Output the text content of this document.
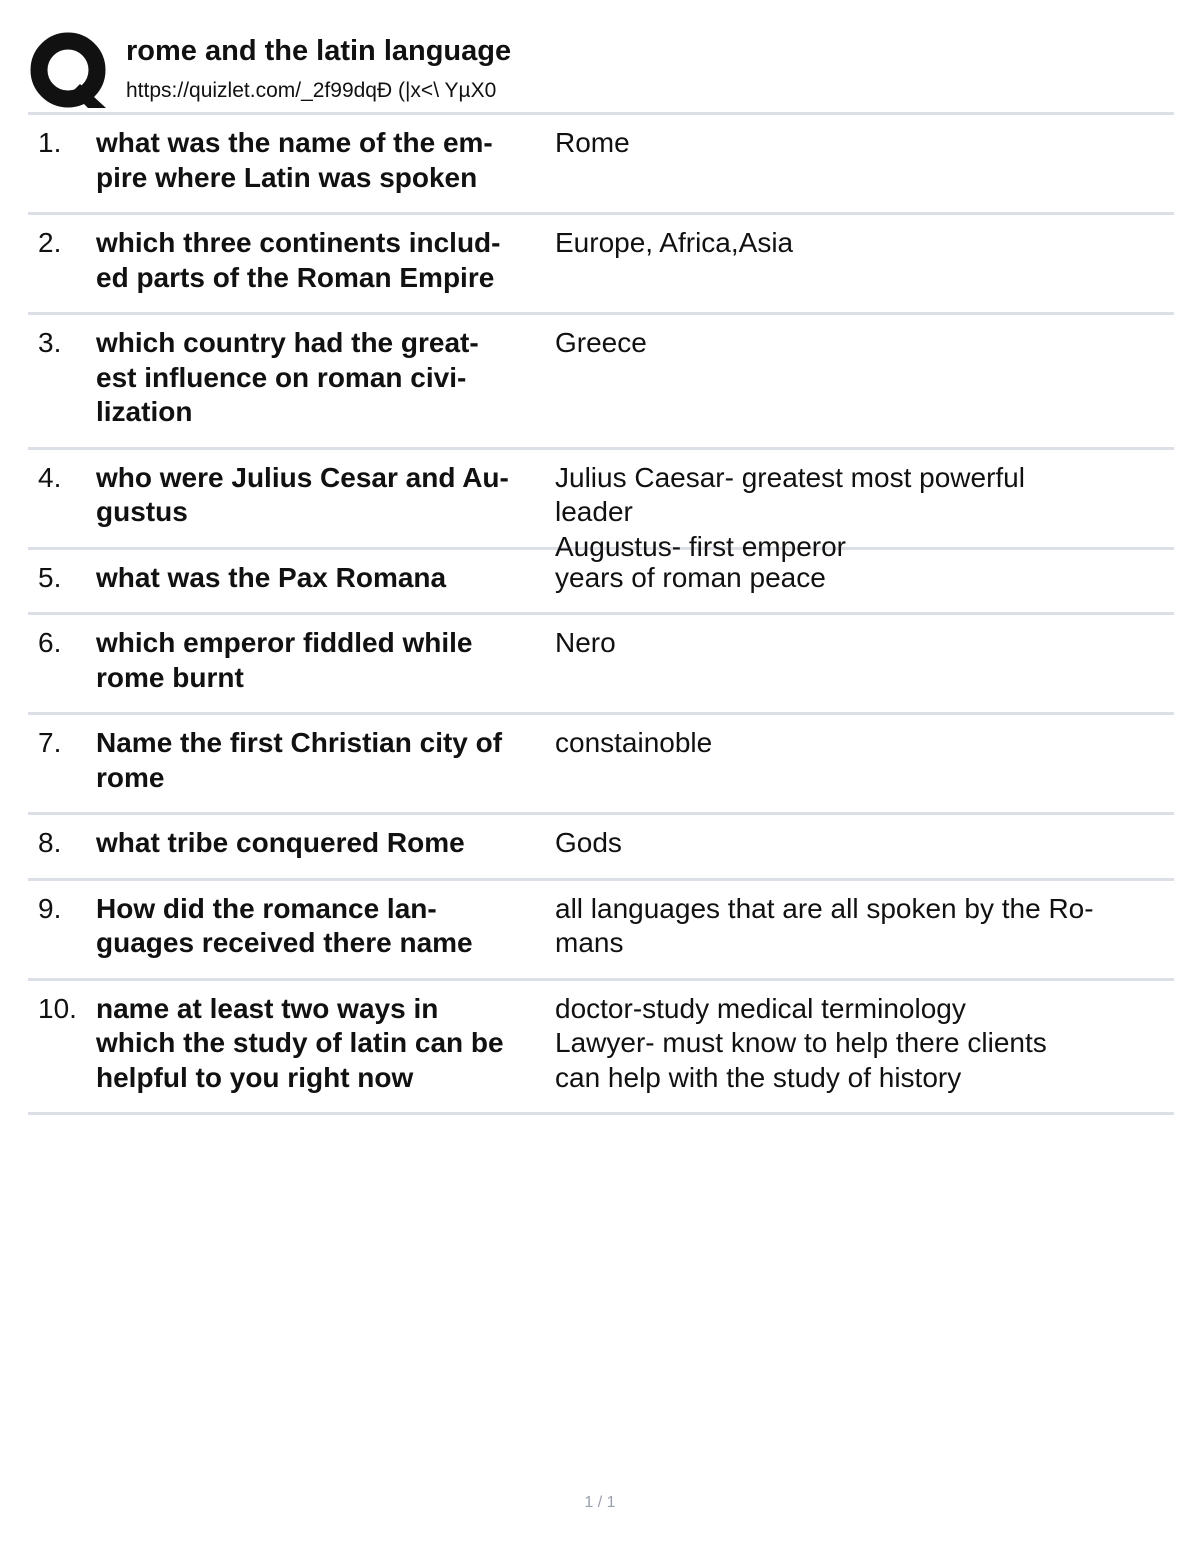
rome and the latin language
https://quizlet.com/_2f99dqÐ (|x<\ YµX0
1. what was the name of the em-
pire where Latin was spoken
Rome
2. which three continents includ-
ed parts of the Roman Empire
Europe, Africa,Asia
3. which country had the great-
est influence on roman civi-
lization
Greece
4. who were Julius Cesar and Au-
gustus
Julius Caesar- greatest most powerful
leader
Augustus- first emperor
5. what was the Pax Romana	years of roman peace
6. which emperor fiddled while
rome burnt
Nero
7. Name the first Christian city of
rome
constainoble
8. what tribe conquered Rome	Gods
9. How did the romance lan-
guages received there name
all languages that are all spoken by the Ro-
mans
10. name at least two ways in
which the study of latin can be
helpful to you right now
doctor-study medical terminology
Lawyer- must know to help there clients
can help with the study of history
1 / 1
